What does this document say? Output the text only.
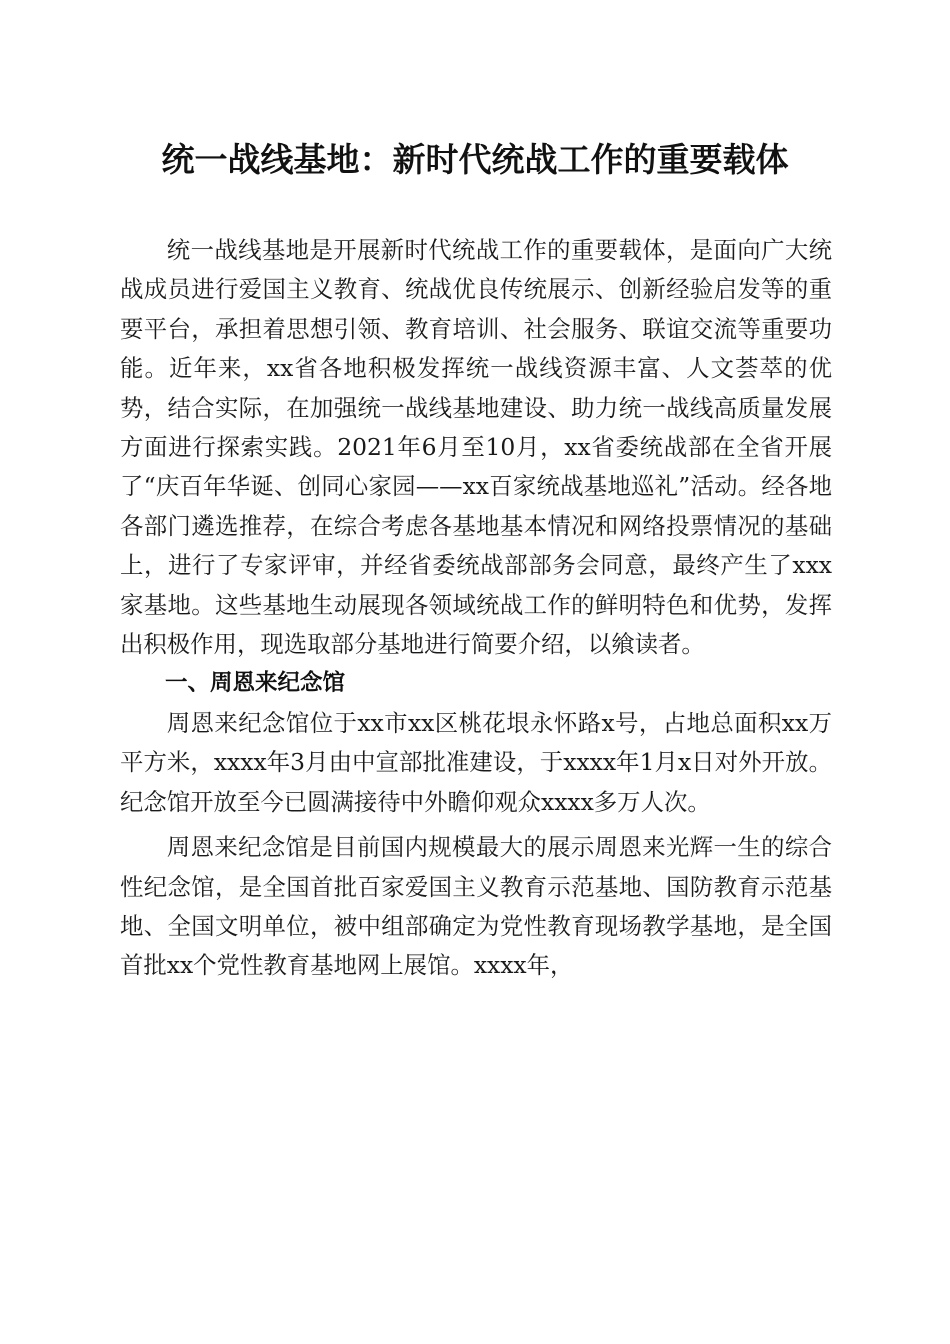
统一战线基地：新时代统战工作的重要载体

统一战线基地是开展新时代统战工作的重要载体，是面向广大统战成员进行爱国主义教育、统战优良传统展示、创新经验启发等的重要平台，承担着思想引领、教育培训、社会服务、联谊交流等重要功能。近年来，xx省各地积极发挥统一战线资源丰富、人文荟萃的优势，结合实际，在加强统一战线基地建设、助力统一战线高质量发展方面进行探索实践。2021年6月至10月，xx省委统战部在全省开展了“庆百年华诞、创同心家园——xx百家统战基地巡礼”活动。经各地各部门遴选推荐，在综合考虑各基地基本情况和网络投票情况的基础上，进行了专家评审，并经省委统战部部务会同意，最终产生了xxx家基地。这些基地生动展现各领域统战工作的鲜明特色和优势，发挥出积极作用，现选取部分基地进行简要介绍，以飨读者。

一、周恩来纪念馆

周恩来纪念馆位于xx市xx区桃花垠永怀路x号，占地总面积xx万平方米，xxxx年3月由中宣部批准建设，于xxxx年1月x日对外开放。纪念馆开放至今已圆满接待中外瞻仰观众xxxx多万人次。

周恩来纪念馆是目前国内规模最大的展示周恩来光辉一生的综合性纪念馆，是全国首批百家爱国主义教育示范基地、国防教育示范基地、全国文明单位，被中组部确定为党性教育现场教学基地，是全国首批xx个党性教育基地网上展馆。xxxx年，
